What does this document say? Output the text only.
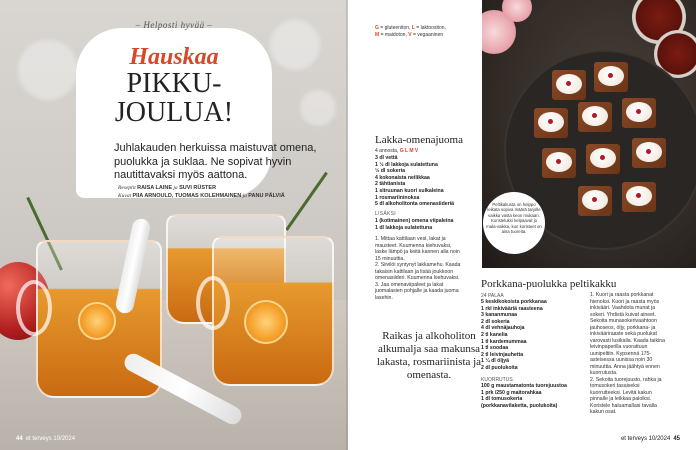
– Helposti hyvää –
Hauskaa
PIKKU-
JOULUA!
Juhlakauden herkuissa maistuvat omena, puolukka ja suklaa. Ne sopivat hyvin nautittavaksi myös aattona.
Reseptit RAISA LAINE ja SUVI RÜSTER
Kuvat PIIA ARNOULD, TUOMAS KOLEHMAINEN ja PANU PÄLVIÄ
44 et terveys 10/2024
G = gluteeniton, L = laktoositon,
M = maidoton, V = vegaaninen
Peltikakusta on helppo leikata sopiva määrä tarjolle vaikka vasta keon mukaan. Koristeluksi kelpaavat jo mala-vaikka, kun koristeet on aina tuoreita.
Lakka-omenajuoma
4 annosta, G L M V
3 dl vettä
1 ½ dl lakkoja sulatettuna
½ dl sokeria
4 kokonaista neilikkaa
2 tähtianista
1 sitruunan kuori sulkaleina
1 rosmariininoksa
5 dl alkoholitonta omenasiideriä
LISÄKSI
1 (kotimainen) omena viipaleina
1 dl lakkoja sulatettuna

1. Mittaa kattilaan vesi, lakat ja mausteet. Kuumenna kiehuvaksi, laske lämpö ja keitä kannen alla noin 15 minuuttia.

2. Siivilöi syntynyt lakkamehu. Kaada takaisin kattilaan ja lisää joukkoon omenasiideri. Kuumenna kiehuvaksi.

3. Jaa omenaviipaleet ja lakat juomalasien pohjalle ja kaada juoma lasehin.

Raikas ja alkoholiton alkumalja saa makunsa lakasta, rosmariinista ja omenasta.
Porkkana-puolukka peltikakku
24 PALAA
5 keskikokoista porkkanaa
1 rkl inkivääriä raasteena
3 kananmunaa
2 dl sokeria
4 dl vehnäjauhoja
2 tl kanelia
1 tl kardemummaa
1 tl soodaa
2 tl leivinjauhetta
1 ¼ dl öljyä
2 dl puolukoita
KUORRUTUS
100 g maustamatonta tuorejuustoa
1 prk /250 g maitorahkaa
1 dl tomusokeria (porkkanavilaketta, puolukoita)

1. Kuori ja raasta porkkanat hienoksi. Kuori ja raasta myös inkivääri. Vaahdota munat ja sokeri. Yhdistä kuivat aineet. Sekoita munasokerivaahtoon jauhoseos, öljy, porkkana- ja inkivääriraaste sekä puolukat varovasti lusikalla. Kaada taikina leivinpaperilla vuorattuun uunipeltiin. Kypsennä 175-asteisessa uunissa noin 30 minuuttia. Anna jäähtyä ennen kuorrutusta.

2. Sekoita tuorejuusto, rahka ja tomusokeri tasaiseksi kuorrutteeksi. Levitä kakun pinnalle ja leikkaa paloiksi. Koristele haluamallasi tavalla kakun osat.

et terveys 10/2024 45
